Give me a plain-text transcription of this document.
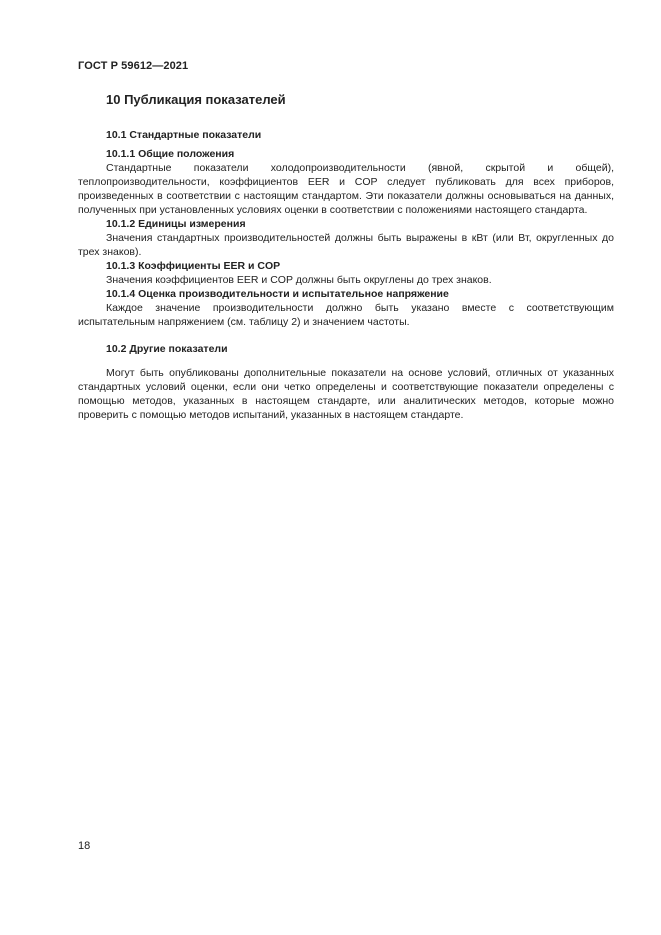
ГОСТ Р 59612—2021
10 Публикация показателей
10.1 Стандартные показатели
10.1.1 Общие положения

Стандартные показатели холодопроизводительности (явной, скрытой и общей), теплопроизводительности, коэффициентов EER и COP следует публиковать для всех приборов, произведенных в соответствии с настоящим стандартом. Эти показатели должны основываться на данных, полученных при установленных условиях оценки в соответствии с положениями настоящего стандарта.

10.1.2 Единицы измерения

Значения стандартных производительностей должны быть выражены в кВт (или Вт, округленных до трех знаков).

10.1.3 Коэффициенты EER и COP

Значения коэффициентов EER и COP должны быть округлены до трех знаков.

10.1.4 Оценка производительности и испытательное напряжение

Каждое значение производительности должно быть указано вместе с соответствующим испытательным напряжением (см. таблицу 2) и значением частоты.

10.2 Другие показатели

Могут быть опубликованы дополнительные показатели на основе условий, отличных от указанных стандартных условий оценки, если они четко определены и соответствующие показатели определены с помощью методов, указанных в настоящем стандарте, или аналитических методов, которые можно проверить с помощью методов испытаний, указанных в настоящем стандарте.

18
